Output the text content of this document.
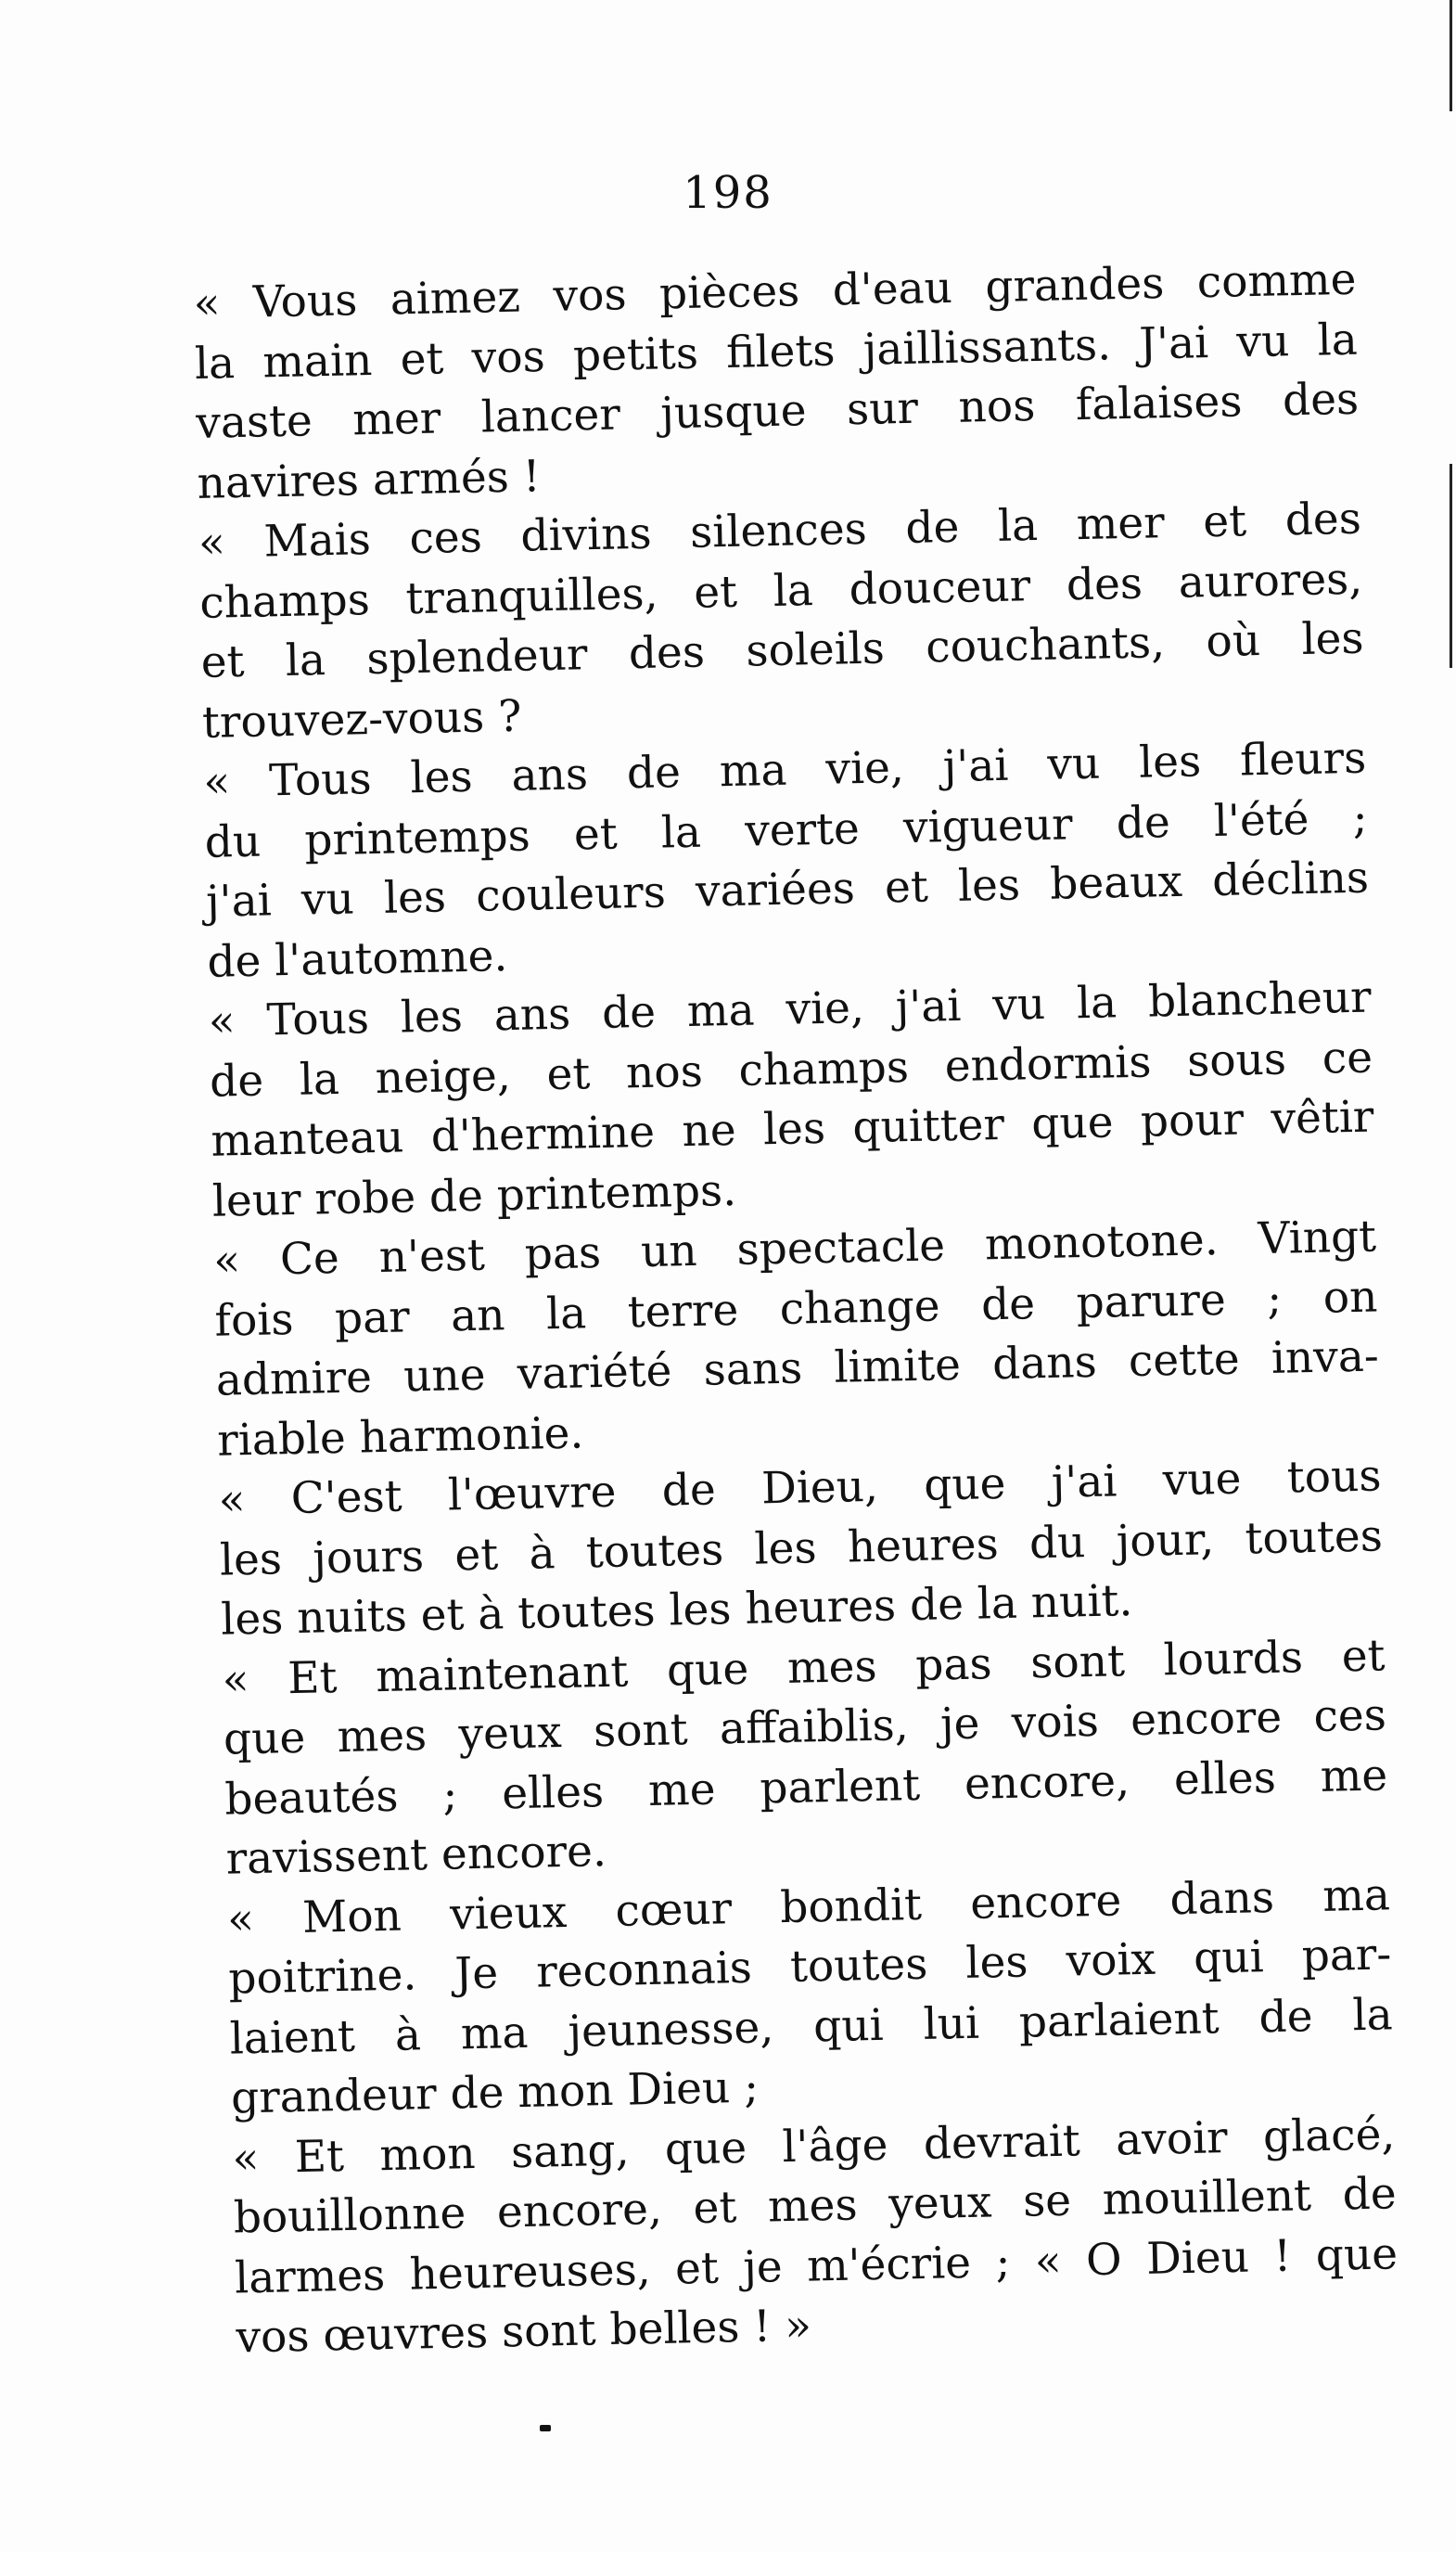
198

« Vous aimez vos pièces d'eau grandes comme
la main et vos petits filets jaillissants. J'ai vu la
vaste mer lancer jusque sur nos falaises des
navires armés !

« Mais ces divins silences de la mer et des
champs tranquilles, et la douceur des aurores,
et la splendeur des soleils couchants, où les
trouvez-vous ?

« Tous les ans de ma vie, j'ai vu les fleurs
du printemps et la verte vigueur de l'été ;
j'ai vu les couleurs variées et les beaux déclins
de l'automne.

« Tous les ans de ma vie, j'ai vu la blancheur
de la neige, et nos champs endormis sous ce
manteau d'hermine ne les quitter que pour vêtir
leur robe de printemps.

« Ce n'est pas un spectacle monotone. Vingt
fois par an la terre change de parure ; on
admire une variété sans limite dans cette inva-
riable harmonie.

« C'est l'œuvre de Dieu, que j'ai vue tous
les jours et à toutes les heures du jour, toutes
les nuits et à toutes les heures de la nuit.

« Et maintenant que mes pas sont lourds et
que mes yeux sont affaiblis, je vois encore ces
beautés ; elles me parlent encore, elles me
ravissent encore.

« Mon vieux cœur bondit encore dans ma
poitrine. Je reconnais toutes les voix qui par-
laient à ma jeunesse, qui lui parlaient de la
grandeur de mon Dieu ;

« Et mon sang, que l'âge devrait avoir glacé,
bouillonne encore, et mes yeux se mouillent de
larmes heureuses, et je m'écrie ; « O Dieu ! que
vos œuvres sont belles ! »
